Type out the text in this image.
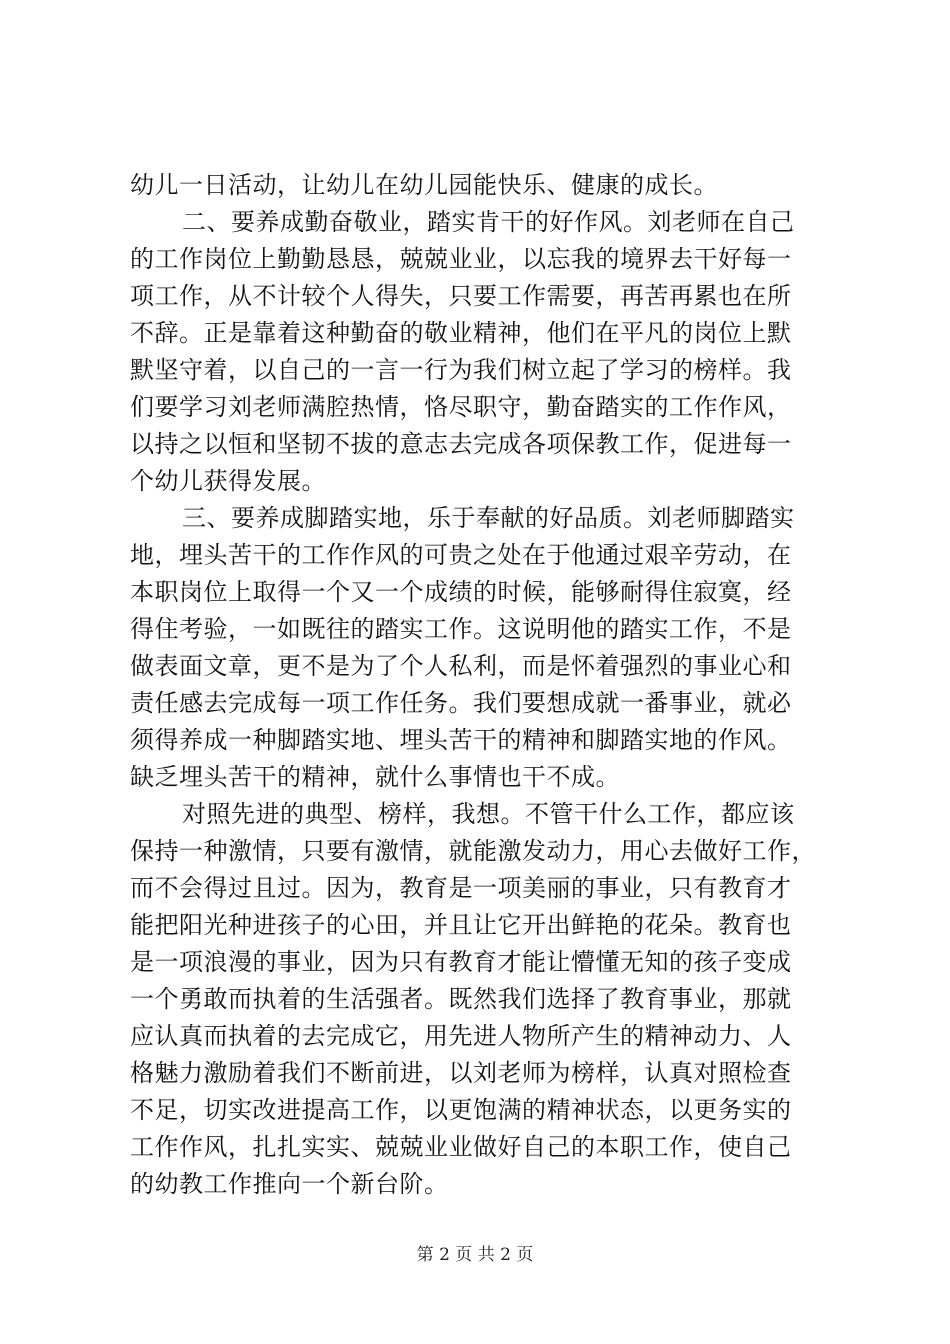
幼儿一日活动，让幼儿在幼儿园能快乐、健康的成长。
二、要养成勤奋敬业，踏实肯干的好作风。刘老师在自己
的工作岗位上勤勤恳恳，兢兢业业，以忘我的境界去干好每一
项工作，从不计较个人得失，只要工作需要，再苦再累也在所
不辞。正是靠着这种勤奋的敬业精神，他们在平凡的岗位上默
默坚守着，以自己的一言一行为我们树立起了学习的榜样。我
们要学习刘老师满腔热情，恪尽职守，勤奋踏实的工作作风，
以持之以恒和坚韧不拔的意志去完成各项保教工作，促进每一
个幼儿获得发展。
三、要养成脚踏实地，乐于奉献的好品质。刘老师脚踏实
地，埋头苦干的工作作风的可贵之处在于他通过艰辛劳动，在
本职岗位上取得一个又一个成绩的时候，能够耐得住寂寞，经
得住考验，一如既往的踏实工作。这说明他的踏实工作，不是
做表面文章，更不是为了个人私利，而是怀着强烈的事业心和
责任感去完成每一项工作任务。我们要想成就一番事业，就必
须得养成一种脚踏实地、埋头苦干的精神和脚踏实地的作风。
缺乏埋头苦干的精神，就什么事情也干不成。
对照先进的典型、榜样，我想。不管干什么工作，都应该
保持一种激情，只要有激情，就能激发动力，用心去做好工作，
而不会得过且过。因为，教育是一项美丽的事业，只有教育才
能把阳光种进孩子的心田，并且让它开出鲜艳的花朵。教育也
是一项浪漫的事业，因为只有教育才能让懵懂无知的孩子变成
一个勇敢而执着的生活强者。既然我们选择了教育事业，那就
应认真而执着的去完成它，用先进人物所产生的精神动力、人
格魅力激励着我们不断前进，以刘老师为榜样，认真对照检查
不足，切实改进提高工作，以更饱满的精神状态，以更务实的
工作作风，扎扎实实、兢兢业业做好自己的本职工作，使自己
的幼教工作推向一个新台阶。
第 2 页 共 2 页
